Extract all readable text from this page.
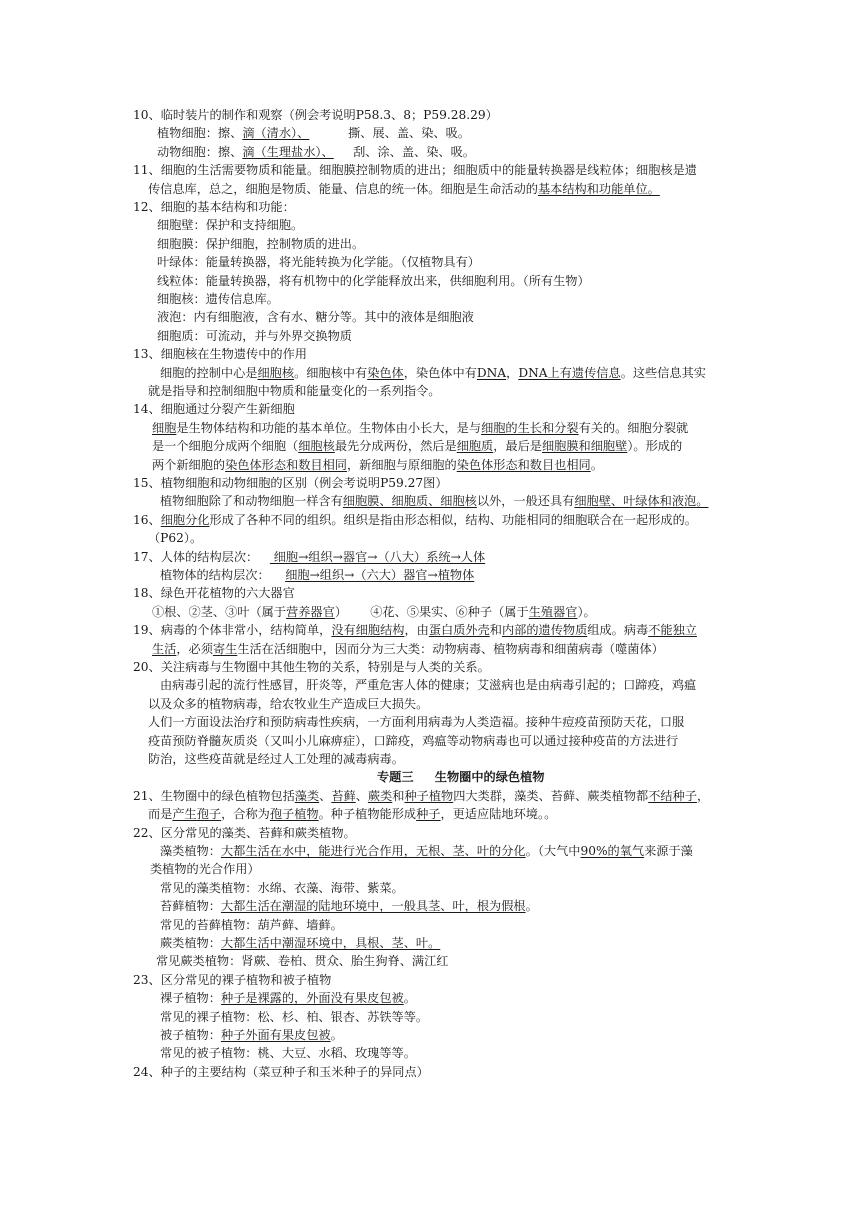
10、临时装片的制作和观察（例会考说明P58.3、8；P59.28.29）
植物细胞：擦、滴（清水）、          撕、展、盖、染、吸。
动物细胞：擦、滴（生理盐水）、     刮、涂、盖、染、吸。
11、细胞的生活需要物质和能量。细胞膜控制物质的进出；细胞质中的能量转换器是线粒体；细胞核是遗
传信息库，总之，细胞是物质、能量、信息的统一体。细胞是生命活动的基本结构和功能单位。
12、细胞的基本结构和功能：
细胞壁：保护和支持细胞。
细胞膜：保护细胞，控制物质的进出。
叶绿体：能量转换器，将光能转换为化学能。（仅植物具有）
线粒体：能量转换器，将有机物中的化学能释放出来，供细胞利用。（所有生物）
细胞核：遗传信息库。
液泡：内有细胞液，含有水、糖分等。其中的液体是细胞液
细胞质：可流动，并与外界交换物质
13、细胞核在生物遗传中的作用
细胞的控制中心是细胞核。细胞核中有染色体，染色体中有DNA，DNA上有遗传信息。这些信息其实
就是指导和控制细胞中物质和能量变化的一系列指令。
14、细胞通过分裂产生新细胞
细胞是生物体结构和功能的基本单位。生物体由小长大，是与细胞的生长和分裂有关的。细胞分裂就
是一个细胞分成两个细胞（细胞核最先分成两份，然后是细胞质，最后是细胞膜和细胞壁）。形成的
两个新细胞的染色体形态和数目相同，新细胞与原细胞的染色体形态和数目也相同。
15、植物细胞和动物细胞的区别（例会考说明P59.27图）
植物细胞除了和动物细胞一样含有细胞膜、细胞质、细胞核以外，一般还具有细胞壁、叶绿体和液泡。
16、细胞分化形成了各种不同的组织。组织是指由形态相似，结构、功能相同的细胞联合在一起形成的。
（P62）。
17、人体的结构层次：    细胞→组织→器官→（八大）系统→人体
植物体的结构层次：    细胞→组织→（六大）器官→植物体
18、绿色开花植物的六大器官
①根、②茎、③叶（属于营养器官）      ④花、⑤果实、⑥种子（属于生殖器官）。
19、病毒的个体非常小，结构简单，没有细胞结构，由蛋白质外壳和内部的遗传物质组成。病毒不能独立
生活，必须寄生生活在活细胞中，因而分为三大类：动物病毒、植物病毒和细菌病毒（噬菌体）
20、关注病毒与生物圈中其他生物的关系，特别是与人类的关系。
由病毒引起的流行性感冒，肝炎等，严重危害人体的健康；艾滋病也是由病毒引起的；口蹄疫，鸡瘟
以及众多的植物病毒，给农牧业生产造成巨大损失。
人们一方面设法治疗和预防病毒性疾病，一方面利用病毒为人类造福。接种牛痘疫苗预防天花，口服
疫苗预防脊髓灰质炎（又叫小儿麻痹症），口蹄疫，鸡瘟等动物病毒也可以通过接种疫苗的方法进行
防治，这些疫苗就是经过人工处理的减毒病毒。
专题三     生物圈中的绿色植物
21、生物圈中的绿色植物包括藻类、苔藓、蕨类和种子植物四大类群，藻类、苔藓、蕨类植物都不结种子，
而是产生孢子，合称为孢子植物。种子植物能形成种子，更适应陆地环境。。
22、区分常见的藻类、苔藓和蕨类植物。
藻类植物：大都生活在水中，能进行光合作用，无根、茎、叶的分化。（大气中90%的氧气来源于藻
类植物的光合作用）
常见的藻类植物：水绵、衣藻、海带、紫菜。
苔藓植物：大都生活在潮湿的陆地环境中，一般具茎、叶，根为假根。
常见的苔藓植物：葫芦藓、墙藓。
蕨类植物：大都生活中潮湿环境中，具根、茎、叶。
常见蕨类植物：肾蕨、卷柏、贯众、胎生狗脊、满江红
23、区分常见的裸子植物和被子植物
裸子植物：种子是裸露的，外面没有果皮包被。
常见的裸子植物：松、杉、柏、银杏、苏铁等等。
被子植物：种子外面有果皮包被。
常见的被子植物：桃、大豆、水稻、玫瑰等等。
24、种子的主要结构（菜豆种子和玉米种子的异同点）
